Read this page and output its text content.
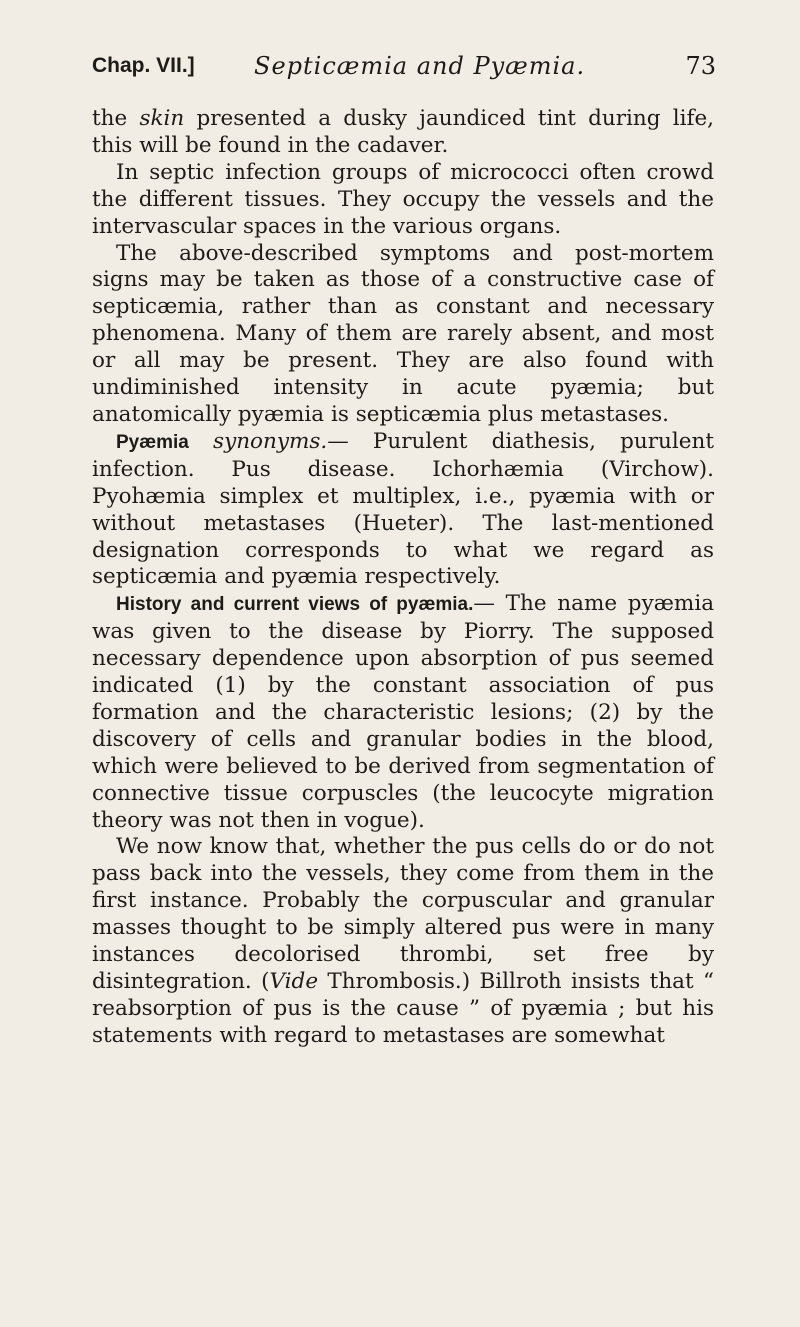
Chap. VII.] Septicæmia and Pyæmia.	73

the skin presented a dusky jaundiced tint during life, this will be found in the cadaver.

In septic infection groups of micrococci often crowd the different tissues. They occupy the vessels and the intervascular spaces in the various organs.

The above-described symptoms and post-mortem signs may be taken as those of a constructive case of septicæmia, rather than as constant and necessary phenomena. Many of them are rarely absent, and most or all may be present. They are also found with undiminished intensity in acute pyæmia; but anatomically pyæmia is septicæmia plus metastases.

Pyæmia synonyms.— Purulent diathesis, purulent infection. Pus disease. Ichorhæmia (Virchow). Pyohæmia simplex et multiplex, i.e., pyæmia with or without metastases (Hueter). The last-mentioned designation corresponds to what we regard as septicæmia and pyæmia respectively.

History and current views of pyæmia.— The name pyæmia was given to the disease by Piorry. The supposed necessary dependence upon absorption of pus seemed indicated (1) by the constant association of pus formation and the characteristic lesions; (2) by the discovery of cells and granular bodies in the blood, which were believed to be derived from segmentation of connective tissue corpuscles (the leucocyte migration theory was not then in vogue).

We now know that, whether the pus cells do or do not pass back into the vessels, they come from them in the first instance. Probably the corpuscular and granular masses thought to be simply altered pus were in many instances decolorised thrombi, set free by disintegration. (Vide Thrombosis.) Billroth insists that “ reabsorption of pus is the cause ” of pyæmia ; but his statements with regard to metastases are somewhat
